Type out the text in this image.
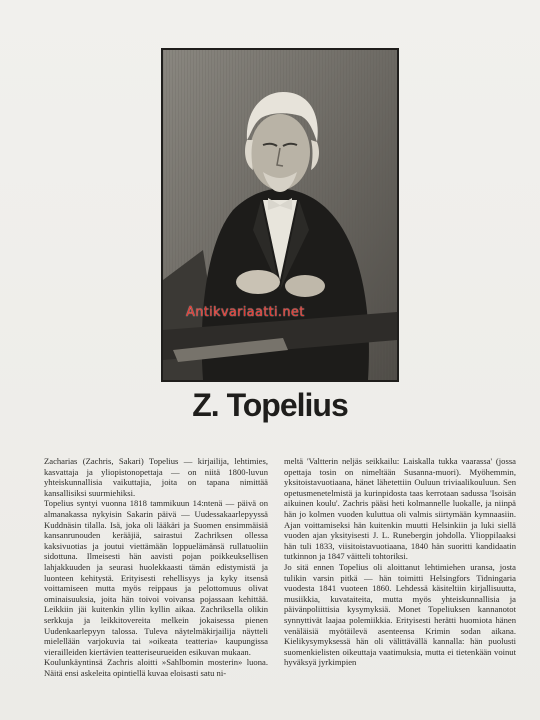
Antikvariaatti.net
Z. Topelius

Zacharias (Zachris, Sakari) Topelius — kirjailija, lehtimies, kasvattaja ja yliopistonopettaja — on niitä 1800-luvun yhteiskunnallisia vaikuttajia, joita on tapana nimittää kansallisiksi suurmiehiksi.

Topelius syntyi vuonna 1818 tammikuun 14:ntenä — päivä on almanakassa nykyisin Sakarin päivä — Uudessakaarlepyyssä Kuddnäsin tilalla. Isä, joka oli lääkäri ja Suomen ensimmäisiä kansanrunouden kerääjiä, sairastui Zachriksen ollessa kaksivuotias ja joutui viettämään loppuelämänsä rullatuoliin sidottuna. Ilmeisesti hän aavisti pojan poikkeuksellisen lahjakkuuden ja seurasi huolekkaasti tämän edistymistä ja luonteen kehitystä. Erityisesti rehellisyys ja kyky itsensä voittamiseen mutta myös reippaus ja pelottomuus olivat ominaisuuksia, joita hän toivoi voivansa pojassaan kehittää. Leikkiin jäi kuitenkin yllin kyllin aikaa. Zachriksella olikin serkkuja ja leikkitovereita melkein jokaisessa pienen Uudenkaarlepyyn talossa. Tuleva näytelmäkirjailija näytteli mielellään varjokuvia tai »oikeata teatteria» kaupungissa vierailleiden kiertävien teatteriseurueiden esikuvan mukaan.

Koulunkäyntinsä Zachris aloitti »Sahlbomin mosterin» luona. Näitä ensi askeleita opintiellä kuvaa eloisasti satu ni-

meltä 'Valtterin neljäs seikkailu: Laiskalla tukka vaarassa' (jossa opettaja tosin on nimeltään Susanna-muori). Myöhemmin, yksitoistavuotiaana, hänet lähetettiin Ouluun triviaalikouluun. Sen opetusmenetelmistä ja kurinpidosta taas kerrotaan sadussa 'Isoisän aikuinen koulu'. Zachris pääsi heti kolmannelle luokalle, ja niinpä hän jo kolmen vuoden kuluttua oli valmis siirtymään kymnaasiin. Ajan voittamiseksi hän kuitenkin muutti Helsinkiin ja luki siellä vuoden ajan yksityisesti J. L. Runebergin johdolla. Ylioppilaaksi hän tuli 1833, viisitoistavuotiaana, 1840 hän suoritti kandidaatin tutkinnon ja 1847 väitteli tohtoriksi.

Jo sitä ennen Topelius oli aloittanut lehtimiehen uransa, josta tulikin varsin pitkä — hän toimitti Helsingfors Tidningaria vuodesta 1841 vuoteen 1860. Lehdessä käsiteltiin kirjallisuutta, musiikkia, kuvataiteita, mutta myös yhteiskunnallisia ja päivänpoliittisia kysymyksiä. Monet Topeliuksen kannanotot synnyttivät laajaa polemiikkia. Erityisesti herätti huomiota hänen venäläisiä myötäilevä asenteensa Krimin sodan aikana. Kielikysymyksessä hän oli välittävällä kannalla: hän puolusti suomenkielisten oikeuttaja vaatimuksia, mutta ei tietenkään voinut hyväksyä jyrkimpien
